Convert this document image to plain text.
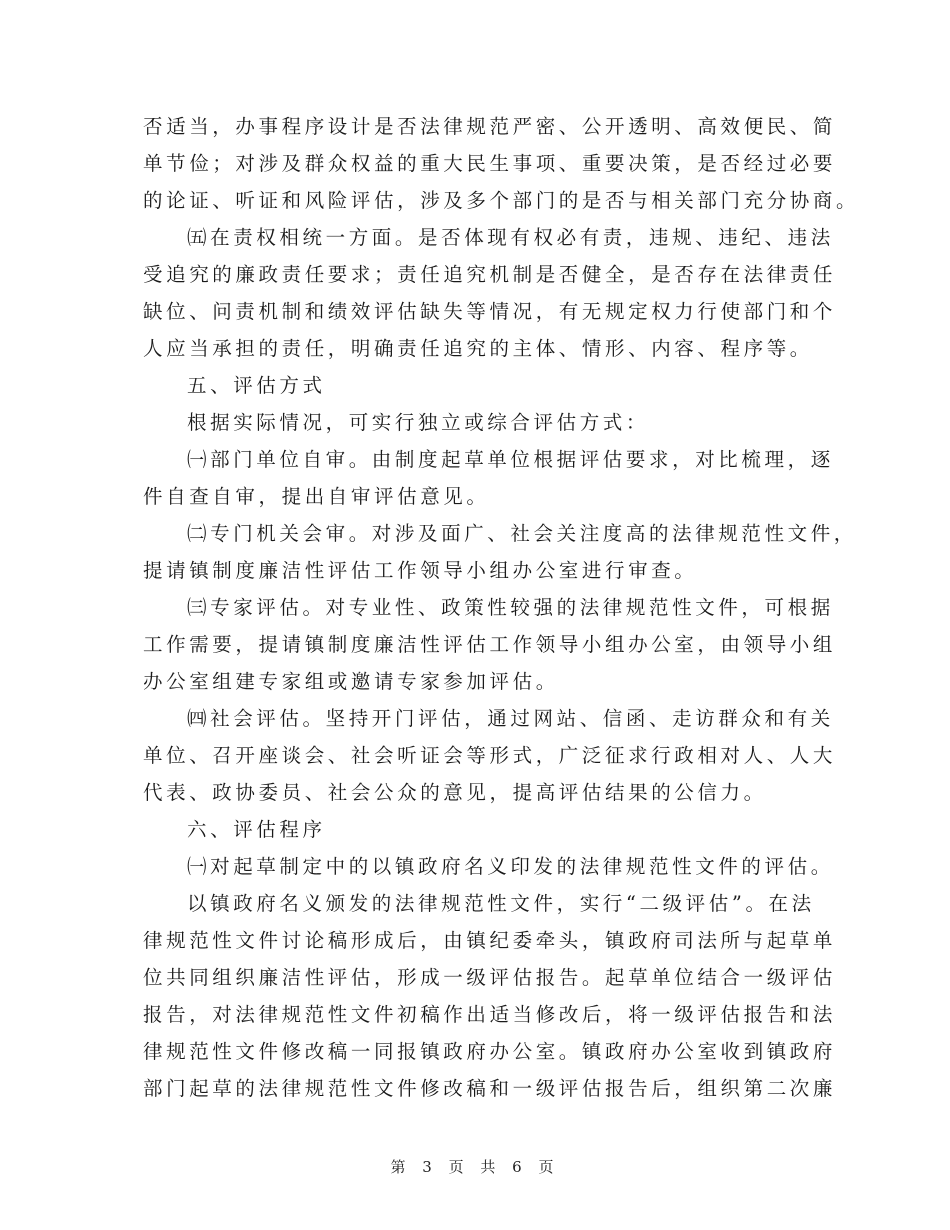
否适当，办事程序设计是否法律规范严密、公开透明、高效便民、简
单节俭；对涉及群众权益的重大民生事项、重要决策，是否经过必要
的论证、听证和风险评估，涉及多个部门的是否与相关部门充分协商。
㈤在责权相统一方面。是否体现有权必有责，违规、违纪、违法
受追究的廉政责任要求；责任追究机制是否健全，是否存在法律责任
缺位、问责机制和绩效评估缺失等情况，有无规定权力行使部门和个
人应当承担的责任，明确责任追究的主体、情形、内容、程序等。
五、评估方式
根据实际情况，可实行独立或综合评估方式：
㈠部门单位自审。由制度起草单位根据评估要求，对比梳理，逐
件自查自审，提出自审评估意见。
㈡专门机关会审。对涉及面广、社会关注度高的法律规范性文件，
提请镇制度廉洁性评估工作领导小组办公室进行审查。
㈢专家评估。对专业性、政策性较强的法律规范性文件，可根据
工作需要，提请镇制度廉洁性评估工作领导小组办公室，由领导小组
办公室组建专家组或邀请专家参加评估。
㈣社会评估。坚持开门评估，通过网站、信函、走访群众和有关
单位、召开座谈会、社会听证会等形式，广泛征求行政相对人、人大
代表、政协委员、社会公众的意见，提高评估结果的公信力。
六、评估程序
㈠对起草制定中的以镇政府名义印发的法律规范性文件的评估。
以镇政府名义颁发的法律规范性文件，实行“二级评估”。在法
律规范性文件讨论稿形成后，由镇纪委牵头，镇政府司法所与起草单
位共同组织廉洁性评估，形成一级评估报告。起草单位结合一级评估
报告，对法律规范性文件初稿作出适当修改后，将一级评估报告和法
律规范性文件修改稿一同报镇政府办公室。镇政府办公室收到镇政府
部门起草的法律规范性文件修改稿和一级评估报告后，组织第二次廉
第 3 页 共 6 页
